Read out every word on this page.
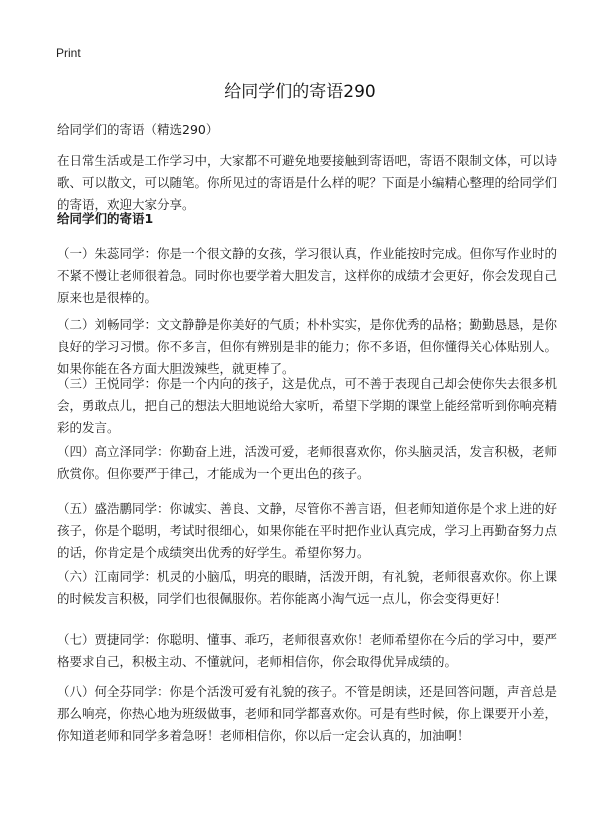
Print
给同学们的寄语290
给同学们的寄语（精选290）
在日常生活或是工作学习中，大家都不可避免地要接触到寄语吧，寄语不限制文体，可以诗歌、可以散文，可以随笔。你所见过的寄语是什么样的呢？下面是小编精心整理的给同学们的寄语，欢迎大家分享。
给同学们的寄语1
（一）朱蕊同学：你是一个很文静的女孩，学习很认真，作业能按时完成。但你写作业时的不紧不慢让老师很着急。同时你也要学着大胆发言，这样你的成绩才会更好，你会发现自己原来也是很棒的。
（二）刘畅同学：文文静静是你美好的气质；朴朴实实，是你优秀的品格；勤勤恳恳，是你良好的学习习惯。你不多言，但你有辨别是非的能力；你不多语，但你懂得关心体贴别人。如果你能在各方面大胆泼辣些，就更棒了。
（三）王悦同学：你是一个内向的孩子，这是优点，可不善于表现自己却会使你失去很多机会，勇敢点儿，把自己的想法大胆地说给大家听，希望下学期的课堂上能经常听到你响亮精彩的发言。
（四）高立泽同学：你勤奋上进，活泼可爱，老师很喜欢你，你头脑灵活，发言积极，老师欣赏你。但你要严于律己，才能成为一个更出色的孩子。
（五）盛浩鹏同学：你诚实、善良、文静，尽管你不善言语，但老师知道你是个求上进的好孩子，你是个聪明，考试时很细心，如果你能在平时把作业认真完成，学习上再勤奋努力点的话，你肯定是个成绩突出优秀的好学生。希望你努力。
（六）江南同学：机灵的小脑瓜，明亮的眼睛，活泼开朗，有礼貌，老师很喜欢你。你上课的时候发言积极，同学们也很佩服你。若你能离小淘气远一点儿，你会变得更好！
（七）贾捷同学：你聪明、懂事、乖巧，老师很喜欢你！老师希望你在今后的学习中，要严格要求自己，积极主动、不懂就问，老师相信你，你会取得优异成绩的。
（八）何全芬同学：你是个活泼可爱有礼貌的孩子。不管是朗读，还是回答问题，声音总是那么响亮，你热心地为班级做事，老师和同学都喜欢你。可是有些时候，你上课要开小差，你知道老师和同学多着急呀！老师相信你，你以后一定会认真的，加油啊！
